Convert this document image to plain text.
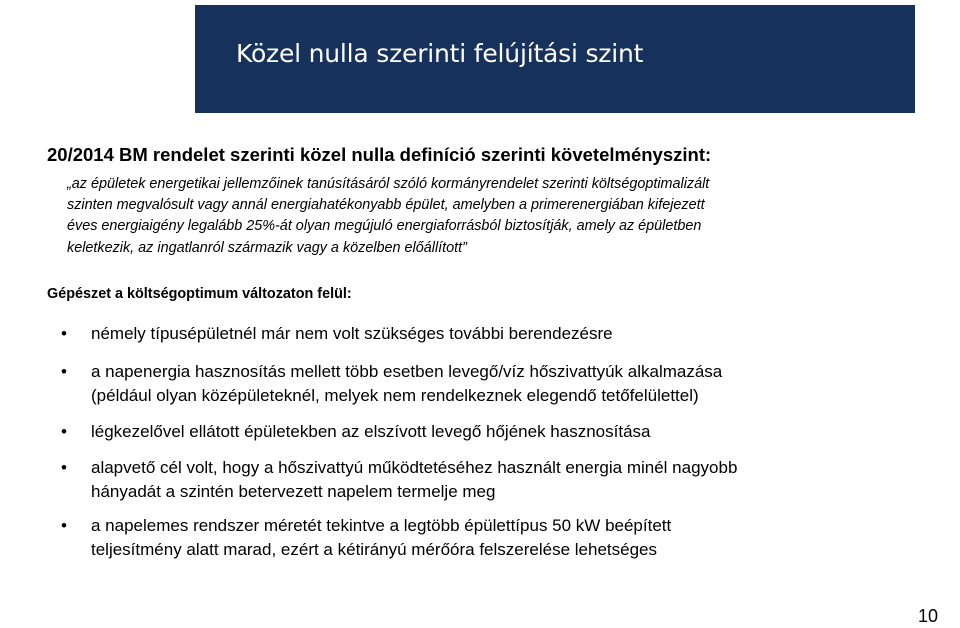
Közel nulla szerinti felújítási szint
20/2014 BM rendelet szerinti közel nulla definíció szerinti követelményszint:
„az épületek energetikai jellemzőinek tanúsításáról szóló kormányrendelet szerinti költségoptimalizált
szinten megvalósult vagy annál energiahatékonyabb épület, amelyben a primerenergiában kifejezett
éves energiaigény legalább 25%-át olyan megújuló energiaforrásból biztosítják, amely az épületben
keletkezik, az ingatlanról származik vagy a közelben előállított”
Gépészet a költségoptimum változaton felül:
• némely típusépületnél már nem volt szükséges további berendezésre
• a napenergia hasznosítás mellett több esetben levegő/víz hőszivattyúk alkalmazása
(például olyan középületeknél, melyek nem rendelkeznek elegendő tetőfelülettel)
• légkezelővel ellátott épületekben az elszívott levegő hőjének hasznosítása
• alapvető cél volt, hogy a hőszivattyú működtetéséhez használt energia minél nagyobb
hányadát a szintén betervezett napelem termelje meg
• a napelemes rendszer méretét tekintve a legtöbb épülettípus 50 kW beépített
teljesítmény alatt marad, ezért a kétirányú mérőóra felszerelése lehetséges
10
